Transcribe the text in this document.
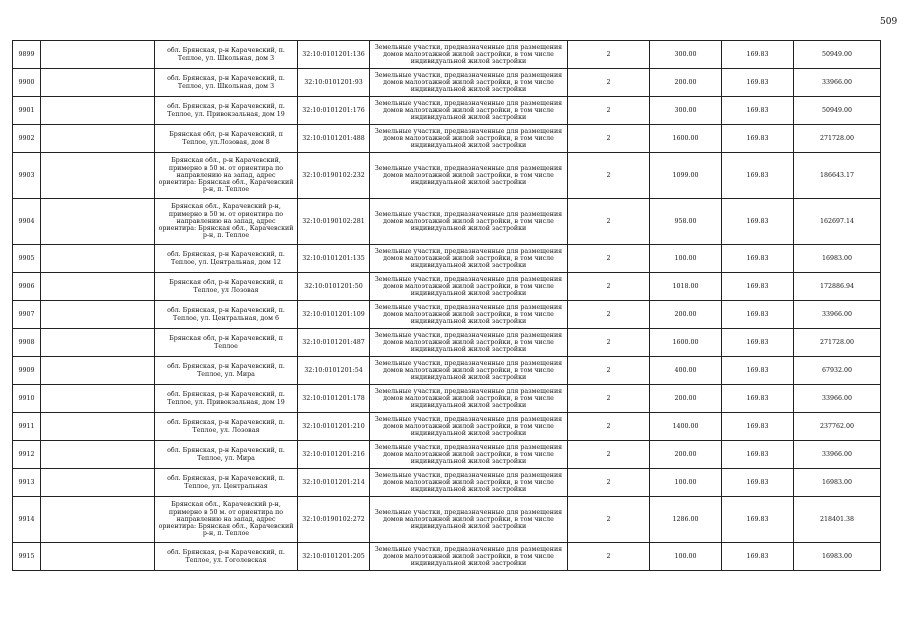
509
9899		обл. Брянская, р-н Карачевский, п. Теплое, ул. Школьная, дом 3	32:10:0101201:136	Земельные участки, предназначенные для размещения домов малоэтажной жилой застройки, в том числе индивидуальной жилой застройки	2	300.00	169.83	50949.00
9900		обл. Брянская, р-н Карачевский, п. Теплое, ул. Школьная, дом 3	32:10:0101201:93	Земельные участки, предназначенные для размещения домов малоэтажной жилой застройки, в том числе индивидуальной жилой застройки	2	200.00	169.83	33966.00
9901		обл. Брянская, р-н Карачевский, п. Теплое, ул. Привокзальная, дом 19	32:10:0101201:176	Земельные участки, предназначенные для размещения домов малоэтажной жилой застройки, в том числе индивидуальной жилой застройки	2	300.00	169.83	50949.00
9902		Брянская обл, р-н Карачевский, п Теплое, ул.Лозовая, дом 8	32:10:0101201:488	Земельные участки, предназначенные для размещения домов малоэтажной жилой застройки, в том числе индивидуальной жилой застройки	2	1600.00	169.83	271728.00
9903		Брянская обл., р-н Карачевский, примерно в 50 м. от ориентира по направлению на запад, адрес ориентира: Брянская обл., Карачевский р-н, п. Теплое	32:10:0190102:232	Земельные участки, предназначенные для размещения домов малоэтажной жилой застройки, в том числе индивидуальной жилой застройки	2	1099.00	169.83	186643.17
9904		Брянская обл., Карачевский р-н, примерно в 50 м. от ориентира по направлению на запад, адрес ориентира: Брянская обл., Карачевский р-н, п. Теплое	32:10:0190102:281	Земельные участки, предназначенные для размещения домов малоэтажной жилой застройки, в том числе индивидуальной жилой застройки	2	958.00	169.83	162697.14
9905		обл. Брянская, р-н Карачевский, п. Теплое, ул. Центральная, дом 12	32:10:0101201:135	Земельные участки, предназначенные для размещения домов малоэтажной жилой застройки, в том числе индивидуальной жилой застройки	2	100.00	169.83	16983.00
9906		Брянская обл, р-н Карачевский, п Теплое, ул Лозовая	32:10:0101201:50	Земельные участки, предназначенные для размещения домов малоэтажной жилой застройки, в том числе индивидуальной жилой застройки	2	1018.00	169.83	172886.94
9907		обл. Брянская, р-н Карачевский, п. Теплое, ул. Центральная, дом 6	32:10:0101201:109	Земельные участки, предназначенные для размещения домов малоэтажной жилой застройки, в том числе индивидуальной жилой застройки	2	200.00	169.83	33966.00
9908		Брянская обл, р-н Карачевский, п Теплое	32:10:0101201:487	Земельные участки, предназначенные для размещения домов малоэтажной жилой застройки, в том числе индивидуальной жилой застройки	2	1600.00	169.83	271728.00
9909		обл. Брянская, р-н Карачевский, п. Теплое, ул. Мира	32:10:0101201:54	Земельные участки, предназначенные для размещения домов малоэтажной жилой застройки, в том числе индивидуальной жилой застройки	2	400.00	169.83	67932.00
9910		обл. Брянская, р-н Карачевский, п. Теплое, ул. Привокзальная, дом 19	32:10:0101201:178	Земельные участки, предназначенные для размещения домов малоэтажной жилой застройки, в том числе индивидуальной жилой застройки	2	200.00	169.83	33966.00
9911		обл. Брянская, р-н Карачевский, п. Теплое, ул. Лозовая	32:10:0101201:210	Земельные участки, предназначенные для размещения домов малоэтажной жилой застройки, в том числе индивидуальной жилой застройки	2	1400.00	169.83	237762.00
9912		обл. Брянская, р-н Карачевский, п. Теплое, ул. Мира	32:10:0101201:216	Земельные участки, предназначенные для размещения домов малоэтажной жилой застройки, в том числе индивидуальной жилой застройки	2	200.00	169.83	33966.00
9913		обл. Брянская, р-н Карачевский, п. Теплое, ул. Центральная	32:10:0101201:214	Земельные участки, предназначенные для размещения домов малоэтажной жилой застройки, в том числе индивидуальной жилой застройки	2	100.00	169.83	16983.00
9914		Брянская обл., Карачевский р-н, примерно в 50 м. от ориентира по направлению на запад, адрес ориентира: Брянская обл., Карачевский р-н, п. Теплое	32:10:0190102:272	Земельные участки, предназначенные для размещения домов малоэтажной жилой застройки, в том числе индивидуальной жилой застройки	2	1286.00	169.83	218401.38
9915		обл. Брянская, р-н Карачевский, п. Теплое, ул. Гоголевская	32:10:0101201:205	Земельные участки, предназначенные для размещения домов малоэтажной жилой застройки, в том числе индивидуальной жилой застройки	2	100.00	169.83	16983.00
